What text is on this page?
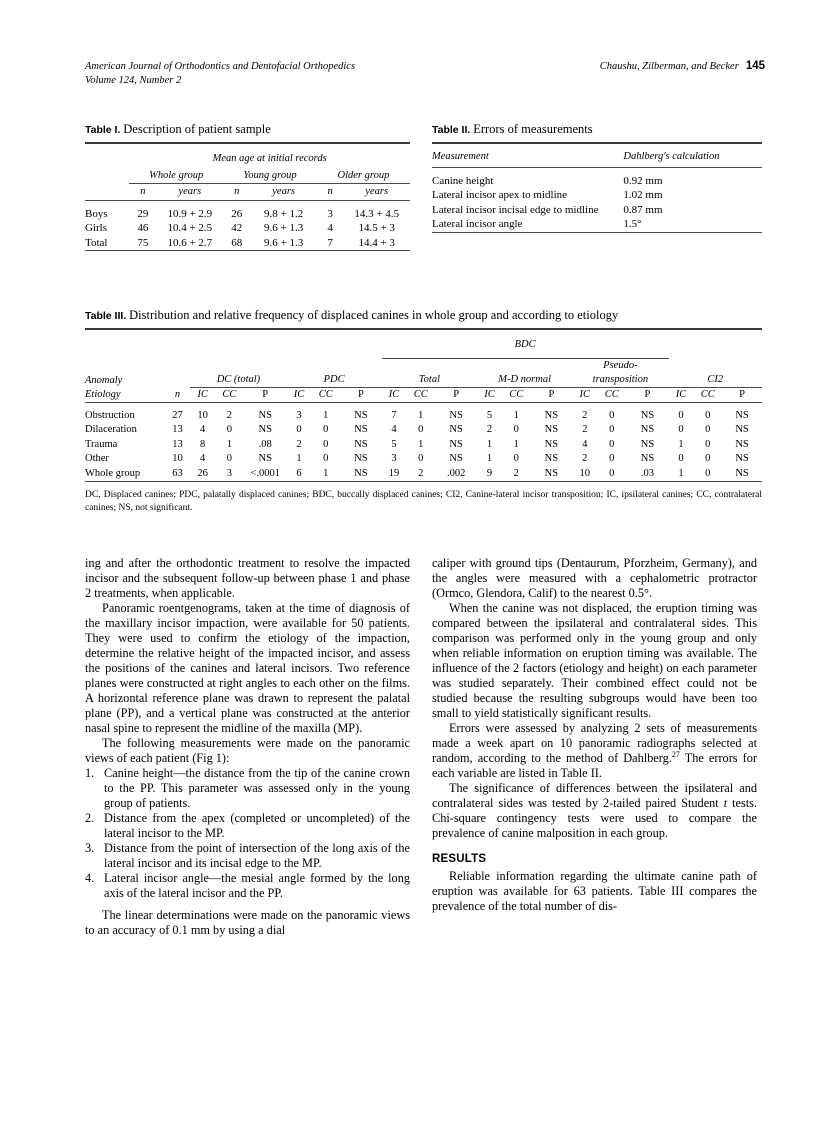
American Journal of Orthodontics and Dentofacial Orthopedics	Chaushu, Zilberman, and Becker 145
Volume 124, Number 2
Table I. Description of patient sample

	Mean age at initial records					
	Whole group		Young group		Older group	
	n	years	n	years	n	years

Boys	29	10.9 + 2.9	26	9.8 + 1.2	3	14.3 + 4.5
Girls	46	10.4 + 2.5	42	9.6 + 1.3	4	14.5 + 3
Total	75	10.6 + 2.7	68	9.6 + 1.3	7	14.4 + 3

Table II. Errors of measurements

Measurement	Dahlberg's calculation

Canine height	0.92 mm
Lateral incisor apex to midline	1.02 mm
Lateral incisor incisal edge to midline	0.87 mm
Lateral incisor angle	1.5°

Table III. Distribution and relative frequency of displaced canines in whole group and according to etiology

								BDC											

														Pseudo-					
Anomaly		DC (total)			PDC			Total			M-D normal			transposition			CI2		
Etiology	n	IC	CC	P	IC	CC	P	IC	CC	P	IC	CC	P	IC	CC	P	IC	CC	P

Obstruction	27	10	2	NS	3	1	NS	7	1	NS	5	1	NS	2	0	NS	0	0	NS
Dilaceration	13	4	0	NS	0	0	NS	4	0	NS	2	0	NS	2	0	NS	0	0	NS
Trauma	13	8	1	.08	2	0	NS	5	1	NS	1	1	NS	4	0	NS	1	0	NS
Other	10	4	0	NS	1	0	NS	3	0	NS	1	0	NS	2	0	NS	0	0	NS
Whole group	63	26	3	<.0001	6	1	NS	19	2	.002	9	2	NS	10	0	.03	1	0	NS

DC, Displaced canines; PDC, palatally displaced canines; BDC, buccally displaced canines; CI2, Canine-lateral incisor transposition; IC, ipsilateral canines; CC, contralateral canines; NS, not significant.

ing and after the orthodontic treatment to resolve the impacted incisor and the subsequent follow-up between phase 1 and phase 2 treatments, when applicable.

Panoramic roentgenograms, taken at the time of diagnosis of the maxillary incisor impaction, were available for 50 patients. They were used to confirm the etiology of the impaction, determine the relative height of the impacted incisor, and assess the positions of the canines and lateral incisors. Two reference planes were constructed at right angles to each other on the films. A horizontal reference plane was drawn to represent the palatal plane (PP), and a vertical plane was constructed at the anterior nasal spine to represent the midline of the maxilla (MP).

The following measurements were made on the panoramic views of each patient (Fig 1):

1. Canine height—the distance from the tip of the canine crown to the PP. This parameter was assessed only in the young group of patients.
2. Distance from the apex (completed or uncompleted) of the lateral incisor to the MP.
3. Distance from the point of intersection of the long axis of the lateral incisor and its incisal edge to the MP.
4. Lateral incisor angle—the mesial angle formed by the long axis of the lateral incisor and the PP.

The linear determinations were made on the panoramic views to an accuracy of 0.1 mm by using a dial

caliper with ground tips (Dentaurum, Pforzheim, Germany), and the angles were measured with a cephalometric protractor (Ormco, Glendora, Calif) to the nearest 0.5°.

When the canine was not displaced, the eruption timing was compared between the ipsilateral and contralateral sides. This comparison was performed only in the young group and only when reliable information on eruption timing was available. The influence of the 2 factors (etiology and height) on each parameter was studied separately. Their combined effect could not be studied because the resulting subgroups would have been too small to yield statistically significant results.

Errors were assessed by analyzing 2 sets of measurements made a week apart on 10 panoramic radiographs selected at random, according to the method of Dahlberg.$^{27}$ The errors for each variable are listed in Table II.

The significance of differences between the ipsilateral and contralateral sides was tested by 2-tailed paired Student t tests. Chi-square contingency tests were used to compare the prevalence of canine malposition in each group.

RESULTS

Reliable information regarding the ultimate canine path of eruption was available for 63 patients. Table III compares the prevalence of the total number of dis-
